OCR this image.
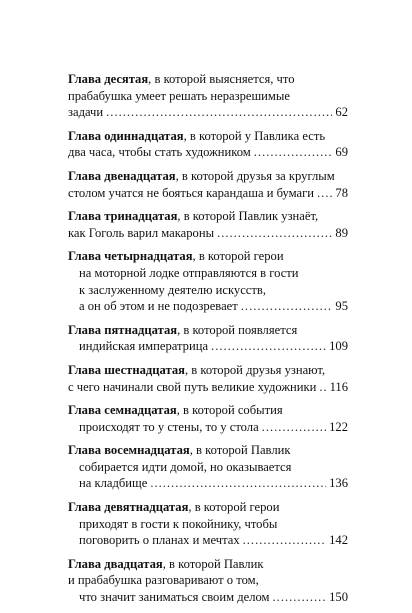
Глава десятая , в которой выясняется, что
прабабушка умеет решать неразрешимые
задачи .....	62
Глава одиннадцатая , в которой у Павлика есть
два часа, чтобы стать художником .....	69
Глава двенадцатая , в которой друзья за круглым
столом учатся не бояться карандаша и бумаги ..... 78
Глава тринадцатая , в которой Павлик узнаёт,
как Гоголь варил макароны .....	89
Глава четырнадцатая , в которой герои
на моторной лодке отправляются в гости
к заслуженному деятелю искусств,
а он об этом и не подозревает .....	95
Глава пятнадцатая , в которой появляется
индийская императрица .....	109
Глава шестнадцатая , в которой друзья узнают,
с чего начинали свой путь великие художники ..... 116
Глава семнадцатая , в которой события
происходят то у стены, то у стола .....	122
Глава восемнадцатая , в которой Павлик
собирается идти домой, но оказывается
на кладбище .....	136
Глава девятнадцатая , в которой герои
приходят в гости к покойнику, чтобы
поговорить о планах и мечтах .....	142
Глава двадцатая , в которой Павлик
и прабабушка разговаривают о том,
что значит заниматься своим делом .....	150
